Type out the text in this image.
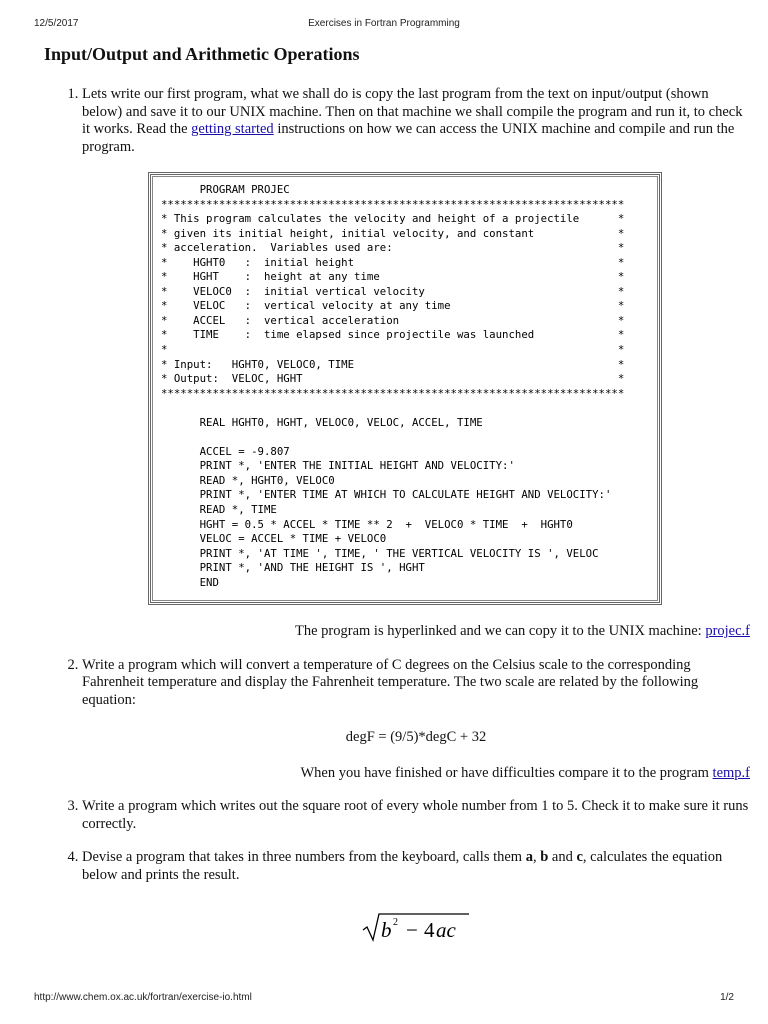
12/5/2017	Exercises in Fortran Programming
Input/Output and Arithmetic Operations
1. Lets write our first program, what we shall do is copy the last program from the text on input/output (shown below) and save it to our UNIX machine. Then on that machine we shall compile the program and run it, to check it works. Read the getting started instructions on how we can access the UNIX machine and compile and run the program.
PROGRAM PROJEC
************************************************************************
* This program calculates the velocity and height of a projectile      *
* given its initial height, initial velocity, and constant             *
* acceleration.  Variables used are:                                   *
*    HGHT0   :  initial height                                         *
*    HGHT    :  height at any time                                     *
*    VELOC0  :  initial vertical velocity                              *
*    VELOC   :  vertical velocity at any time                          *
*    ACCEL   :  vertical acceleration                                  *
*    TIME    :  time elapsed since projectile was launched             *
*                                                                      *
* Input:   HGHT0, VELOC0, TIME                                         *
* Output:  VELOC, HGHT                                                 *
************************************************************************

REAL HGHT0, HGHT, VELOC0, VELOC, ACCEL, TIME

ACCEL = -9.807
PRINT *, 'ENTER THE INITIAL HEIGHT AND VELOCITY:'
READ *, HGHT0, VELOC0
PRINT *, 'ENTER TIME AT WHICH TO CALCULATE HEIGHT AND VELOCITY:'
READ *, TIME
HGHT = 0.5 * ACCEL * TIME ** 2  +  VELOC0 * TIME  +  HGHT0
VELOC = ACCEL * TIME + VELOC0
PRINT *, 'AT TIME ', TIME, ' THE VERTICAL VELOCITY IS ', VELOC
PRINT *, 'AND THE HEIGHT IS ', HGHT
END
The program is hyperlinked and we can copy it to the UNIX machine: projec.f
2. Write a program which will convert a temperature of C degrees on the Celsius scale to the corresponding Fahrenheit temperature and display the Fahrenheit temperature. The two scale are related by the following equation:
degF = (9/5)*degC + 32
When you have finished or have difficulties compare it to the program temp.f
3. Write a program which writes out the square root of every whole number from 1 to 5. Check it to make sure it runs correctly.
4. Devise a program that takes in three numbers from the keyboard, calls them a, b and c, calculates the equation below and prints the result.
b 2 − 4 ac
http://www.chem.ox.ac.uk/fortran/exercise-io.html	1/2
